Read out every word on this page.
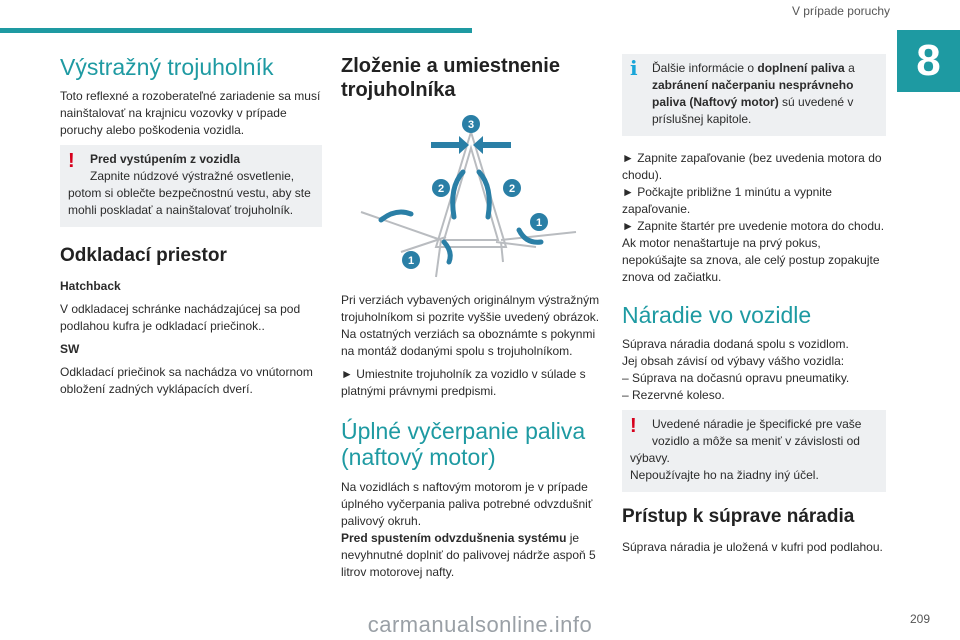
V prípade poruchy
8
Výstražný trojuholník

Toto reflexné a rozoberateľné zariadenie sa musí nainštalovať na krajnicu vozovky v prípade poruchy alebo poškodenia vozidla.

! Pred vystúpením z vozidla

Zapnite núdzové výstražné osvetlenie,

potom si oblečte bezpečnostnú vestu, aby ste mohli poskladať a nainštalovať trojuholník.

Odkladací priestor

Hatchback

V odkladacej schránke nachádzajúcej sa pod podlahou kufra je odkladací priečinok..

SW

Odkladací priečinok sa nachádza vo vnútornom obložení zadných vyklápacích dverí.

Zloženie a umiestnenie trojuholníka
3
2	2
1
1

Pri verziách vybavených originálnym výstražným trojuholníkom si pozrite vyššie uvedený obrázok. Na ostatných verziách sa oboznámte s pokynmi na montáž dodanými spolu s trojuholníkom.

► Umiestnite trojuholník za vozidlo v súlade s platnými právnymi predpismi.

Úplné vyčerpanie paliva (naftový motor)

Na vozidlách s naftovým motorom je v prípade úplného vyčerpania paliva potrebné odvzdušniť palivový okruh.

Pred spustením odvzdušnenia systému je nevyhnutné doplniť do palivovej nádrže aspoň 5 litrov motorovej nafty.

i	Ďalšie informácie o doplnení paliva a zabránení načerpaniu nesprávneho paliva (Naftový motor) sú uvedené v príslušnej kapitole.

► Zapnite zapaľovanie (bez uvedenia motora do chodu).

► Počkajte približne 1 minútu a vypnite zapaľovanie.

► Zapnite štartér pre uvedenie motora do chodu.

Ak motor nenaštartuje na prvý pokus, nepokúšajte sa znova, ale celý postup zopakujte znova od začiatku.

Náradie vo vozidle

Súprava náradia dodaná spolu s vozidlom.

Jej obsah závisí od výbavy vášho vozidla:

– Súprava na dočasnú opravu pneumatiky.

– Rezervné koleso.

! Uvedené náradie je špecifické pre vaše

vozidlo a môže sa meniť v závislosti od

výbavy.

Nepoužívajte ho na žiadny iný účel.

Prístup k súprave náradia

Súprava náradia je uložená v kufri pod podlahou.

carmanualsonline.info	209
